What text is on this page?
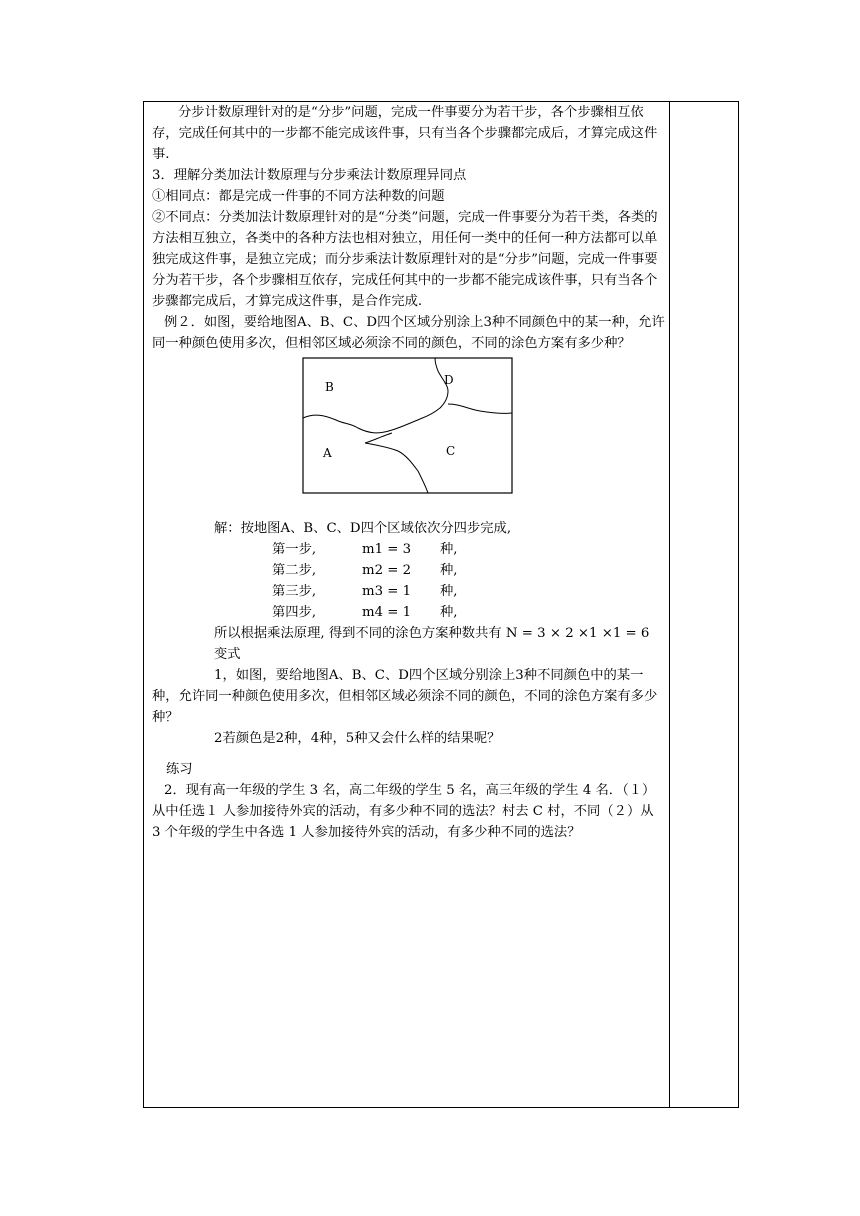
分步计数原理针对的是“分步”问题，完成一件事要分为若干步，各个步骤相互依存，完成任何其中的一步都不能完成该件事，只有当各个步骤都完成后，才算完成这件事.

3．理解分类加法计数原理与分步乘法计数原理异同点

①相同点：都是完成一件事的不同方法种数的问题

②不同点：分类加法计数原理针对的是“分类”问题，完成一件事要分为若干类，各类的方法相互独立，各类中的各种方法也相对独立，用任何一类中的任何一种方法都可以单独完成这件事，是独立完成；而分步乘法计数原理针对的是“分步”问题，完成一件事要分为若干步，各个步骤相互依存，完成任何其中的一步都不能完成该件事，只有当各个步骤都完成后，才算完成这件事，是合作完成.

例２．如图，要给地图A、B、C、D四个区域分别涂上3种不同颜色中的某一种，允许同一种颜色使用多次，但相邻区域必须涂不同的颜色，不同的涂色方案有多少种？

B	D
A	C

解：按地图A、B、C、D四个区域依次分四步完成,

第一步,	m1 = 3	种,
第二步,	m2 = 2	种,
第三步,	m3 = 1	种,
第四步,	m4 = 1	种,

所以根据乘法原理, 得到不同的涂色方案种数共有 N = 3 × 2 ×1 ×1 = 6

变式

1，如图，要给地图A、B、C、D四个区域分别涂上3种不同颜色中的某一种，允许同一种颜色使用多次，但相邻区域必须涂不同的颜色，不同的涂色方案有多少种？

2若颜色是2种，4种，5种又会什么样的结果呢？

练习

2．现有高一年级的学生 3 名，高二年级的学生 5 名，高三年级的学生 4 名．（１）从中任选１ 人参加接待外宾的活动，有多少种不同的选法？村去 C 村，不同（２）从 3 个年级的学生中各选 1 人参加接待外宾的活动，有多少种不同的选法？
